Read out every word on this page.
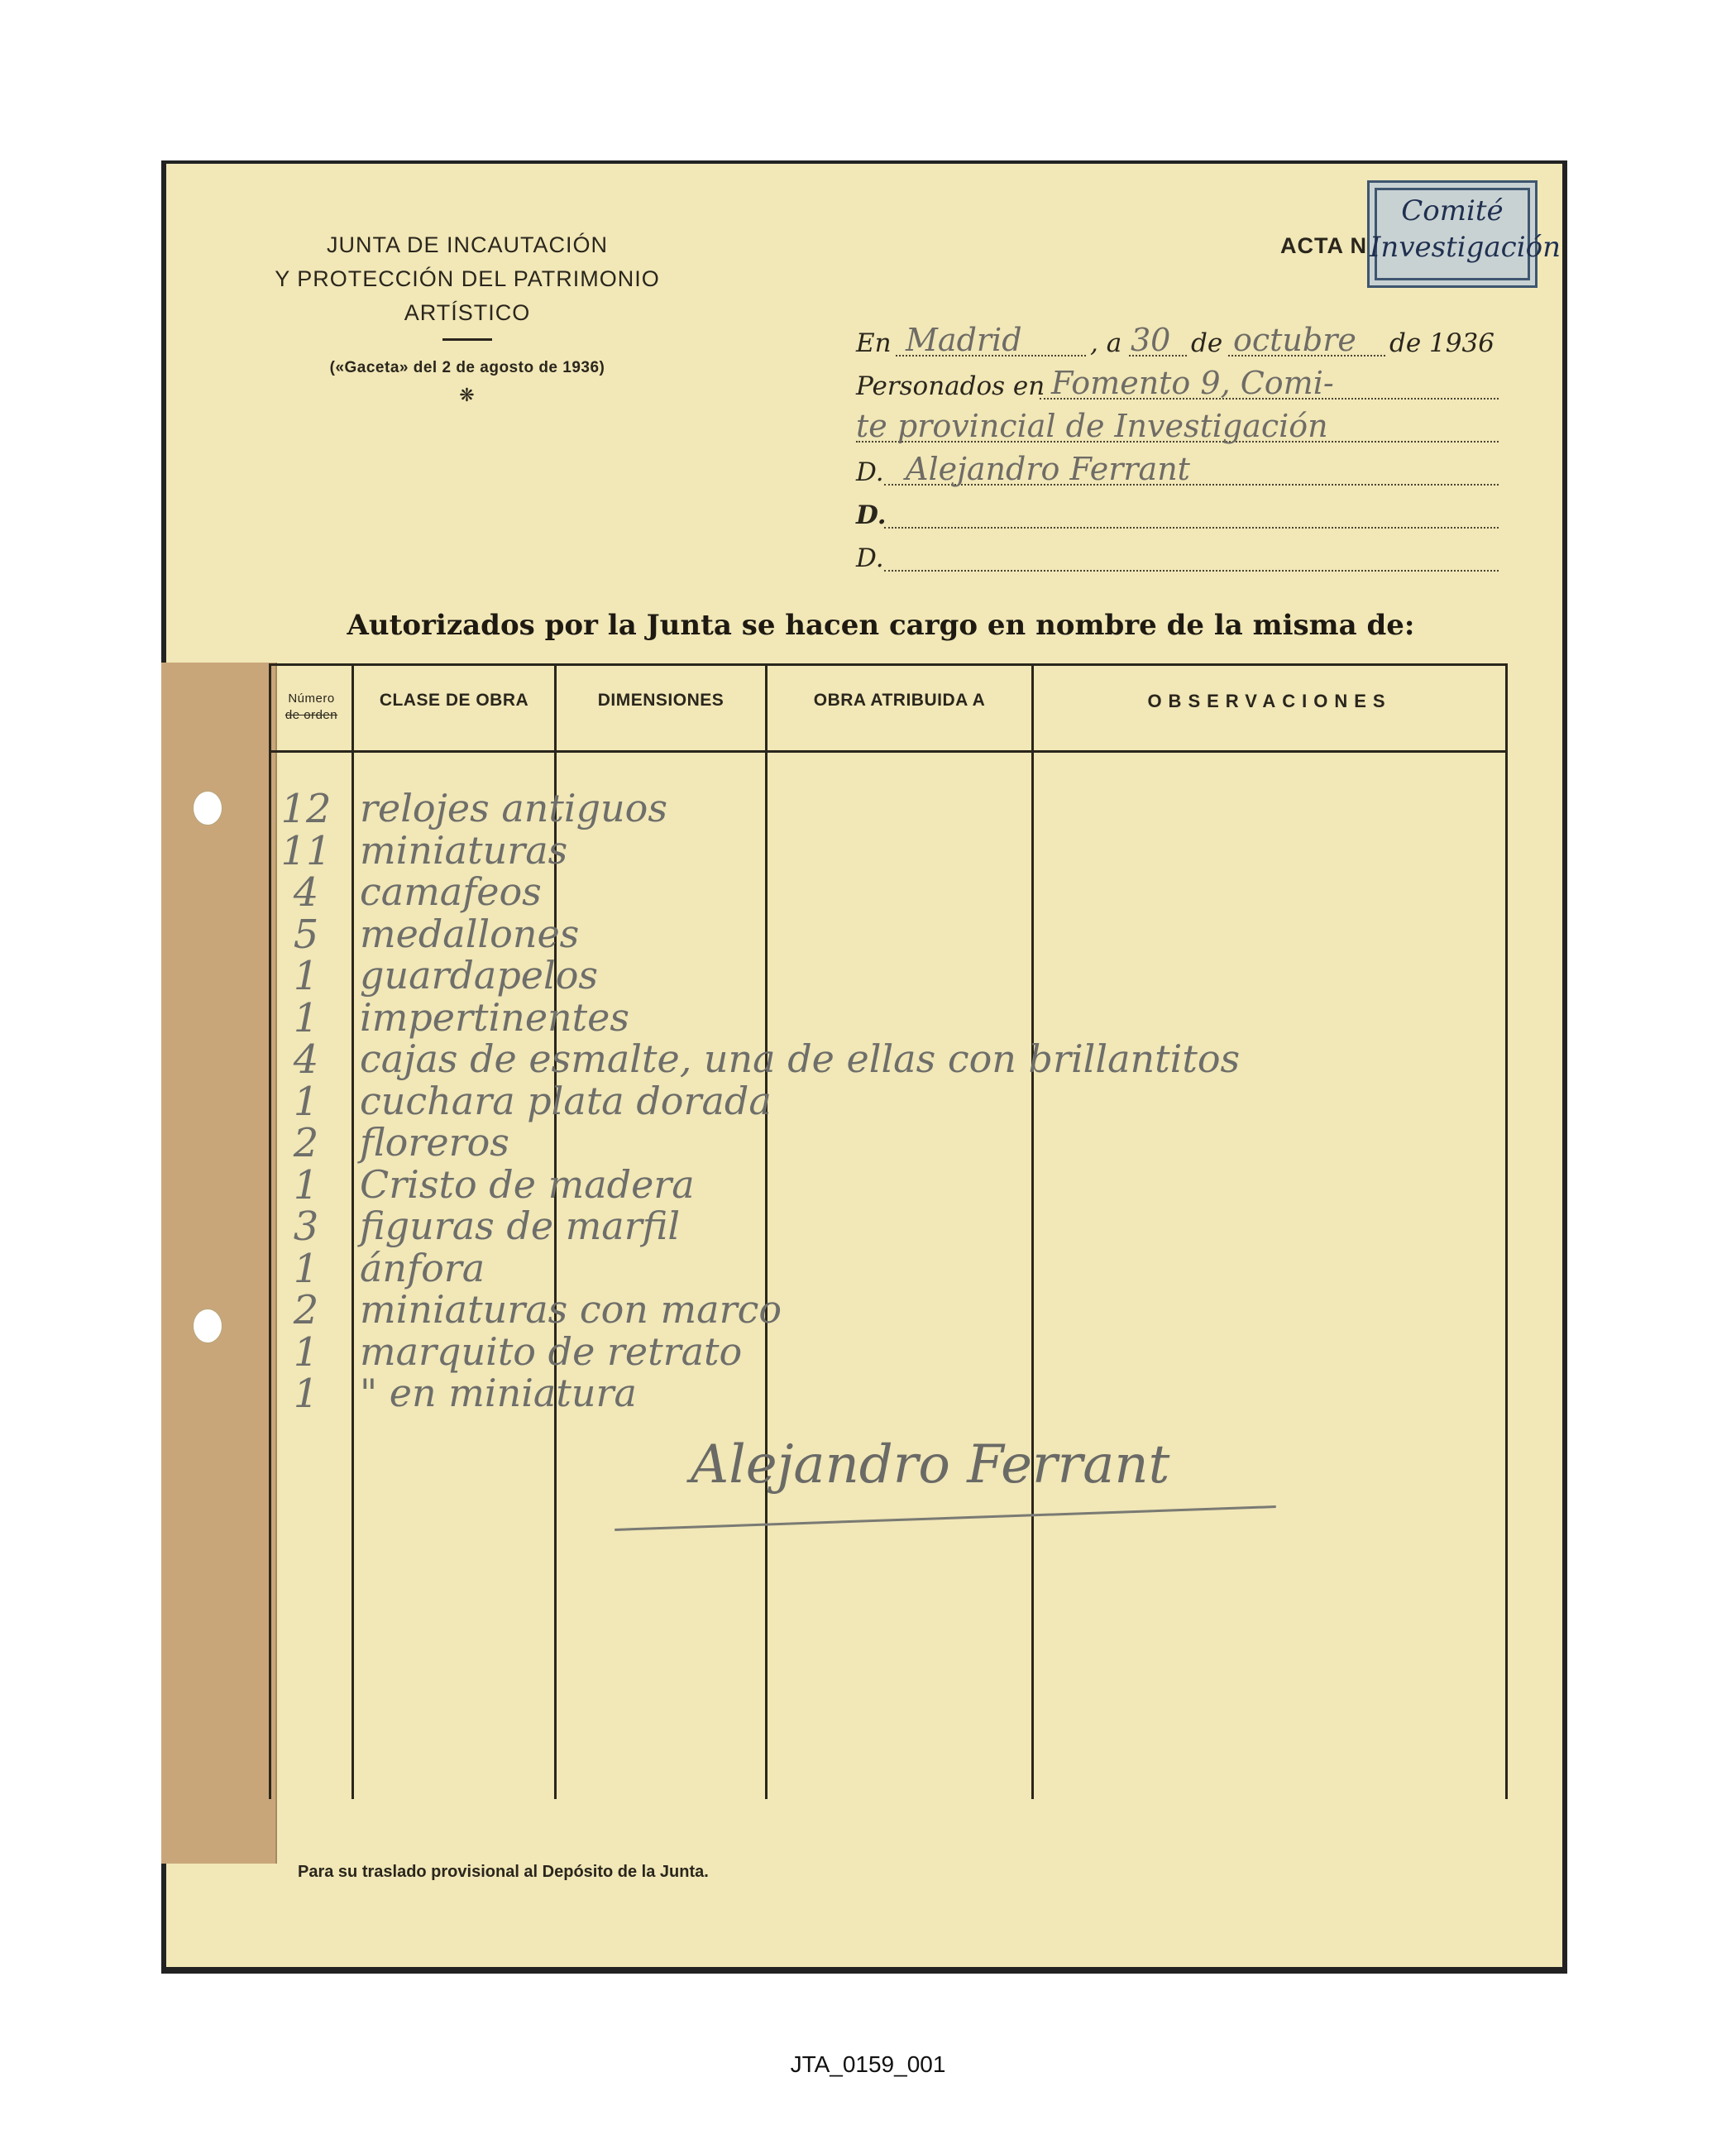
JUNTA DE INCAUTACIÓN
Y PROTECCIÓN DEL PATRIMONIO
ARTÍSTICO
(«Gaceta» del 2 de agosto de 1936)
❋
ACTA N
Comité
Investigación
En Madrid	, a 30 de octubre de 1936
Personados en Fomento 9, Comi-
te provincial de Investigación
D. Alejandro Ferrant
D.
D.
Autorizados por la Junta se hacen cargo en nombre de la misma de:
Número
de orden
CLASE DE OBRA	DIMENSIONES	OBRA ATRIBUIDA A	OBSERVACIONES
12 relojes antiguos
11 miniaturas
4	camafeos
5	medallones
1	guardapelos
1	impertinentes
4	cajas de esmalte, una de ellas con brillantitos
1	cuchara plata dorada
2	floreros
1	Cristo de madera
3	figuras de marfil
1	ánfora
2	miniaturas con marco
1	marquito de retrato
1	" en miniatura
Alejandro Ferrant
Para su traslado provisional al Depósito de la Junta.
JTA_0159_001
